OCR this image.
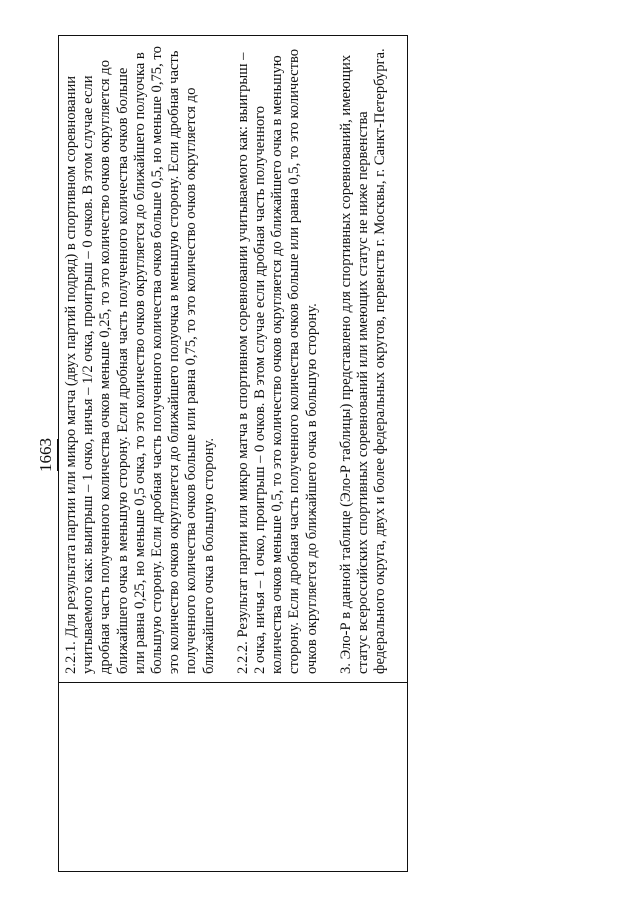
1663 2.2.1. Для результата партии или микро матча (двух партий подряд) в спортивном соревновании учитываемого как: выигрыш – 1 очко, ничья – 1/2 очка, проигрыш – 0 очков. В этом случае если дробная часть полученного количества очков меньше 0,25, то это количество очков округляется до ближайшего очка в меньшую сторону. Если дробная часть полученного количества очков больше или равна 0,25, но меньше 0,5 очка, то это количество очков округляется до ближайшего полуочка в большую сторону. Если дробная часть полученного количества очков больше 0,5, но меньше 0,75, то это количество очков округляется до ближайшего полуочка в меньшую сторону. Если дробная часть полученного количества очков больше или равна 0,75, то это количество очков округляется до ближайшего очка в большую сторону. 2.2.2. Результат партии или микро матча в спортивном соревновании учитываемого как: выигрыш – 2 очка, ничья – 1 очко, проигрыш – 0 очков. В этом случае если дробная часть полученного количества очков меньше 0,5, то это количество очков округляется до ближайшего очка в меньшую сторону. Если дробная часть полученного количества очков больше или равна 0,5, то это количество очков округляется до ближайшего очка в большую сторону. 3. Эло-Р в данной таблице (Эло-Р таблицы) представлено для спортивных соревнований, имеющих статус всероссийских спортивных соревнований или имеющих статус не ниже первенства федерального округа, двух и более федеральных округов, первенств г. Москвы, г. Санкт-Петербурга.
